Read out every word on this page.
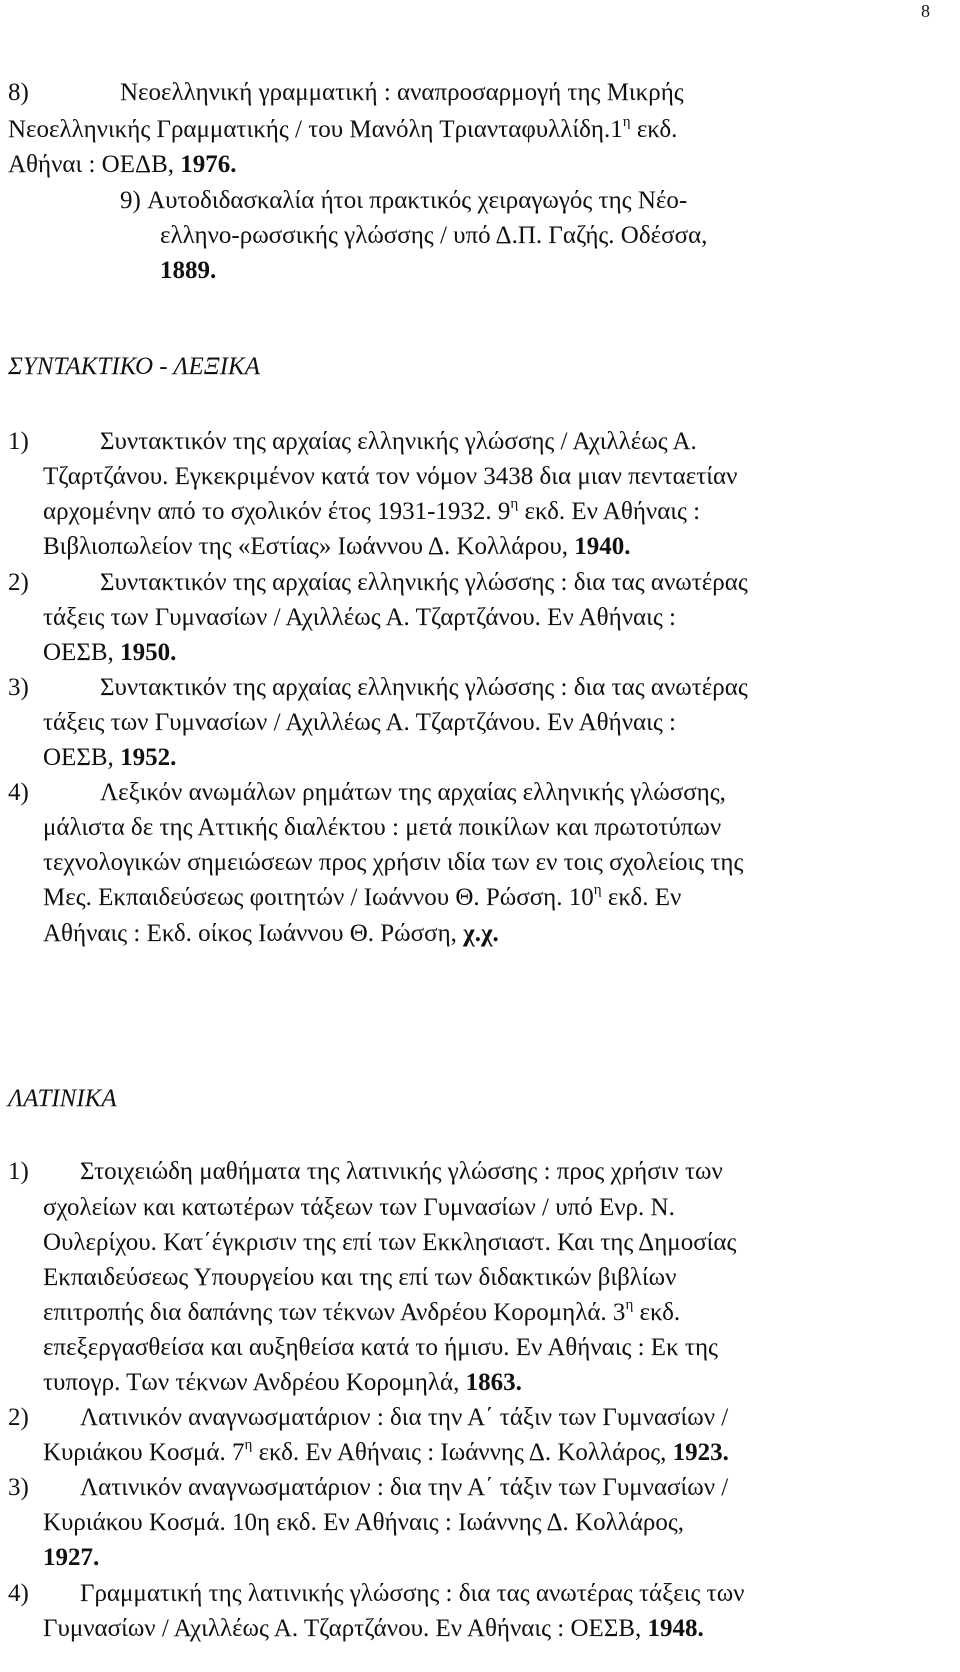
8
8)	Νεοελληνική γραμματική : αναπροσαρμογή της Μικρής
Νεοελληνικής Γραμματικής / του Μανόλη $T\rho\iota\alpha\nu\tau\alpha\varphi\upsilon\lambda\lambda ί\delta\eta.1^\eta$ εκδ.
Αθήναι : ΟΕΔΒ, 1976.
9) Αυτοδιδασκαλία ήτοι πρακτικός χειραγωγός της Νέο-
ελληνο-ρωσσικής γλώσσης / υπό Δ.Π. Γαζής. Οδέσσα,
1889.
ΣΥΝΤΑΚΤΙΚΟ - ΛΕΞΙΚΑ
1)	Συντακτικόν της αρχαίας ελληνικής γλώσσης / Αχιλλέως Α.
Τζαρτζάνου. Εγκεκριμένον κατά τον νόμον 3438 δια μιαν πενταετίαν
αρχομένην από το σχολικόν έτος 1931-1932. $9^\eta$ εκδ. Εν Αθήναις :
Βιβλιοπωλείον της «Εστίας» Ιωάννου Δ. Κολλάρου, 1940.
2)	Συντακτικόν της αρχαίας ελληνικής γλώσσης : δια τας ανωτέρας
τάξεις των Γυμνασίων / Αχιλλέως Α. Τζαρτζάνου. Εν Αθήναις :
ΟΕΣΒ, 1950.
3)	Συντακτικόν της αρχαίας ελληνικής γλώσσης : δια τας ανωτέρας
τάξεις των Γυμνασίων / Αχιλλέως Α. Τζαρτζάνου. Εν Αθήναις :
ΟΕΣΒ, 1952.
4)	Λεξικόν ανωμάλων ρημάτων της αρχαίας ελληνικής γλώσσης,
μάλιστα δε της Αττικής διαλέκτου : μετά ποικίλων και πρωτοτύπων
τεχνολογικών σημειώσεων προς χρήσιν ιδία των εν τοις σχολείοις της
Μες. Εκπαιδεύσεως φοιτητών / Ιωάννου Θ. Ρώσση. $10^\eta$ εκδ. Εν
Αθήναις : Εκδ. οίκος Ιωάννου Θ. Ρώσση, χ.χ.
ΛΑΤΙΝΙΚΑ
1) Στοιχειώδη μαθήματα της λατινικής γλώσσης : προς χρήσιν των
σχολείων και κατωτέρων τάξεων των Γυμνασίων / υπό Ενρ. Ν.
Ουλερίχου. Κατ΄έγκρισιν της επί των Εκκλησιαστ. Και της Δημοσίας
Εκπαιδεύσεως Υπουργείου και της επί των διδακτικών βιβλίων
επιτροπής δια δαπάνης των τέκνων Ανδρέου Κορομηλά. $3^\eta$ εκδ.
επεξεργασθείσα και αυξηθείσα κατά το ήμισυ. Εν Αθήναις : Εκ της
τυπογρ. Των τέκνων Ανδρέου Κορομηλά, 1863.
2) Λατινικόν αναγνωσματάριον : δια την Α΄ τάξιν των Γυμνασίων /
Κυριάκου Κοσμά. $7^\eta$ εκδ. Εν Αθήναις : Ιωάννης Δ. Κολλάρος, 1923.
3) Λατινικόν αναγνωσματάριον : δια την Α΄ τάξιν των Γυμνασίων /
Κυριάκου Κοσμά. 10η εκδ. Εν Αθήναις : Ιωάννης Δ. Κολλάρος,
1927.
4) Γραμματική της λατινικής γλώσσης : δια τας ανωτέρας τάξεις των
Γυμνασίων / Αχιλλέως Α. Τζαρτζάνου. Εν Αθήναις : ΟΕΣΒ, 1948.
